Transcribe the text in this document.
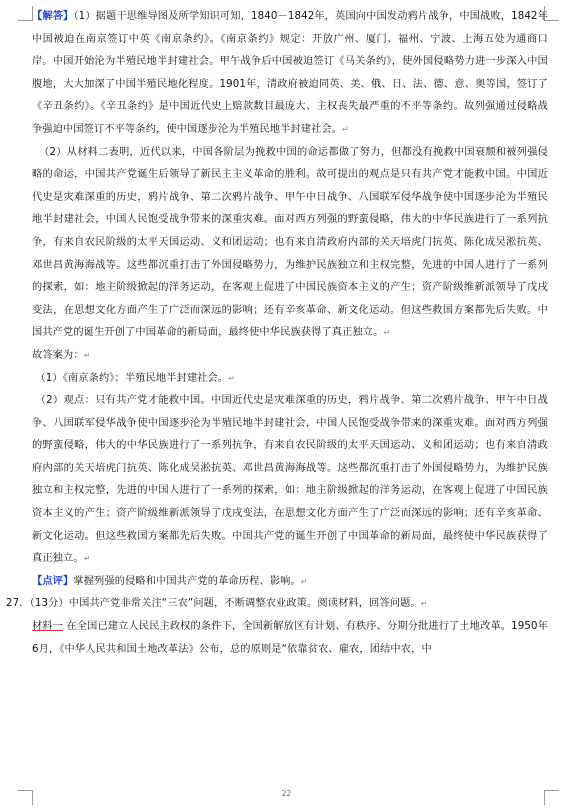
【解答】（1）据题干思维导图及所学知识可知，1840－1842年，英国向中国发动鸦片战争，中国战败，1842年中国被迫在南京签订中英《南京条约》。《南京条约》规定：开放广州、厦门、福州、宁波、上海五处为通商口岸。中国开始沦为半殖民地半封建社会。甲午战争后中国被迫签订《马关条约》，使外国侵略势力进一步深入中国腹地，大大加深了中国半殖民地化程度。1901年，清政府被迫同英、美、俄、日、法、德、意、奥等国，签订了《辛丑条约》。《辛丑条约》是中国近代史上赔款数目最庞大、主权丧失最严重的不平等条约。故列强通过侵略战争强迫中国签订不平等条约，使中国逐步沦为半殖民地半封建社会。↵

（2）从材料二表明，近代以来，中国各阶层为挽救中国的命运都做了努力，但都没有挽救中国衰颓和被列强侵略的命运，中国共产党诞生后领导了新民主主义革命的胜利。故可提出的观点是只有共产党才能救中国。中国近代史是灾难深重的历史，鸦片战争、第二次鸦片战争、甲午中日战争、八国联军侵华战争使中国逐步沦为半殖民地半封建社会，中国人民饱受战争带来的深重灾难。面对西方列强的野蛮侵略，伟大的中华民族进行了一系列抗争，有来自农民阶级的太平天国运动、义和团运动；也有来自清政府内部的关天培虎门抗英、陈化成吴淞抗英、邓世昌黄海海战等。这些都沉重打击了外国侵略势力，为维护民族独立和主权完整，先进的中国人进行了一系列的探索，如：地主阶级掀起的洋务运动，在客观上促进了中国民族资本主义的产生；资产阶级维新派领导了戊戌变法，在思想文化方面产生了广泛而深远的影响；还有辛亥革命、新文化运动。但这些救国方案都先后失败。中国共产党的诞生开创了中国革命的新局面，最终使中华民族获得了真正独立。↵

故答案为：↵

（1）《南京条约》；半殖民地半封建社会。↵

（2）观点：只有共产党才能救中国。中国近代史是灾难深重的历史，鸦片战争、第二次鸦片战争、甲午中日战争、八国联军侵华战争使中国逐步沦为半殖民地半封建社会，中国人民饱受战争带来的深重灾难。面对西方列强的野蛮侵略，伟大的中华民族进行了一系列抗争，有来自农民阶级的太平天国运动、义和团运动；也有来自清政府内部的关天培虎门抗英、陈化成吴淞抗英、邓世昌黄海海战等。这些都沉重打击了外国侵略势力，为维护民族独立和主权完整，先进的中国人进行了一系列的探索，如：地主阶级掀起的洋务运动，在客观上促进了中国民族资本主义的产生；资产阶级维新派领导了戊戌变法，在思想文化方面产生了广泛而深远的影响；还有辛亥革命、新文化运动。但这些救国方案都先后失败。中国共产党的诞生开创了中国革命的新局面，最终使中华民族获得了真正独立。↵

【点评】掌握列强的侵略和中国共产党的革命历程、影响。↵

27．（13分）中国共产党非常关注“三农”问题，不断调整农业政策。阅读材料，回答问题。↵

材料一 在全国已建立人民民主政权的条件下，全国新解放区有计划、有秩序、分期分批进行了土地改革。1950年6月，《中华人民共和国土地改革法》公布，总的原则是“依靠贫农、雇农，团结中农，中

22
